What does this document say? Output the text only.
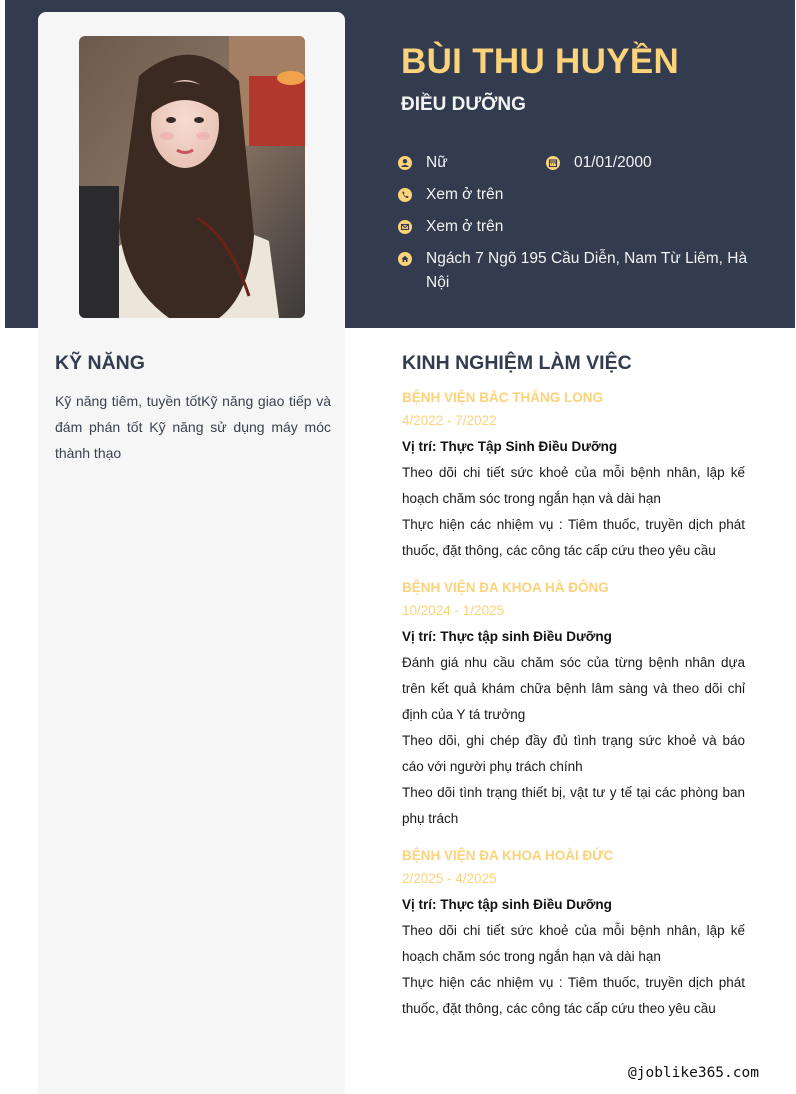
BÙI THU HUYỀN
ĐIỀU DƯỠNG
Nữ	01/01/2000
Xem ở trên
Xem ở trên
Ngách 7 Ngõ 195 Cầu Diễn, Nam Từ Liêm, Hà Nội
KỸ NĂNG

Kỹ năng tiêm, tuyền tốtKỹ năng giao tiếp và đám phán tốt Kỹ năng sử dụng máy móc thành thạo

KINH NGHIỆM LÀM VIỆC
BỆNH VIỆN BẮC THĂNG LONG
4/2022 - 7/2022
Vị trí: Thực Tập Sinh Điều Dưỡng

Theo dõi chi tiết sức khoẻ của mỗi bệnh nhân, lập kế hoạch chăm sóc trong ngắn hạn và dài hạn

Thực hiện các nhiệm vụ : Tiêm thuốc, truyền dịch phát thuốc, đặt thông, các công tác cấp cứu theo yêu cầu

BỆNH VIỆN ĐA KHOA HÀ ĐÔNG
10/2024 - 1/2025
Vị trí: Thực tập sinh Điều Dưỡng

Đánh giá nhu cầu chăm sóc của từng bệnh nhân dựa trên kết quả khám chữa bệnh lâm sàng và theo dõi chỉ định của Y tá trưởng

Theo dõi, ghi chép đầy đủ tình trạng sức khoẻ và báo cáo với người phụ trách chính

Theo dõi tình trạng thiết bị, vật tư y tế tại các phòng ban phụ trách

BỆNH VIỆN ĐA KHOA HOÀI ĐỨC
2/2025 - 4/2025
Vị trí: Thực tập sinh Điều Dưỡng

Theo dõi chi tiết sức khoẻ của mỗi bệnh nhân, lập kế hoạch chăm sóc trong ngắn hạn và dài hạn

Thực hiện các nhiệm vụ : Tiêm thuốc, truyền dịch phát thuốc, đặt thông, các công tác cấp cứu theo yêu cầu

@joblike365.com
